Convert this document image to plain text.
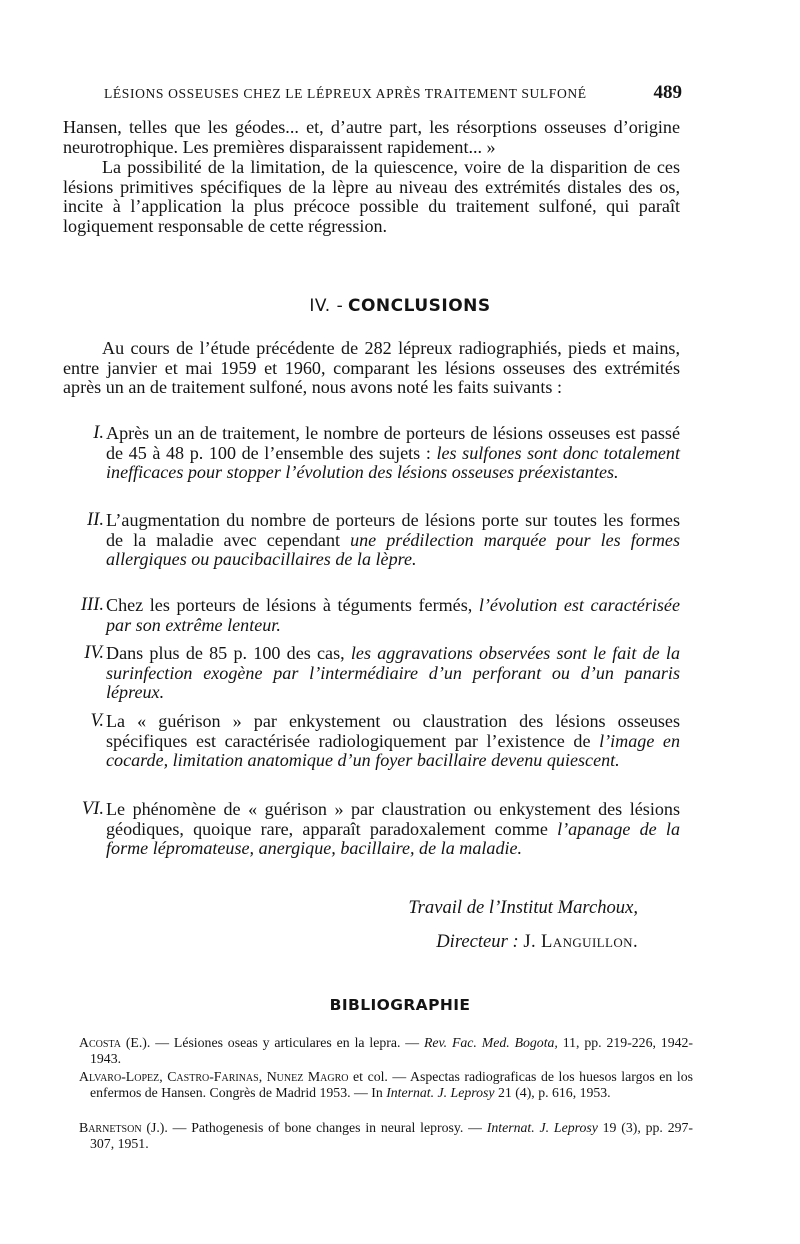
LÉSIONS OSSEUSES CHEZ LE LÉPREUX APRÈS TRAITEMENT SULFONÉ	489

Hansen, telles que les géodes... et, d’autre part, les résorptions osseuses d’origine neurotrophique. Les premières disparaissent rapidement... »

La possibilité de la limitation, de la quiescence, voire de la disparition de ces lésions primitives spécifiques de la lèpre au niveau des extrémités distales des os, incite à l’application la plus précoce possible du traitement sulfoné, qui paraît logiquement responsable de cette régression.

IV. - CONCLUSIONS

Au cours de l’étude précédente de 282 lépreux radiographiés, pieds et mains, entre janvier et mai 1959 et 1960, comparant les lésions osseuses des extrémités après un an de traitement sulfoné, nous avons noté les faits suivants :

I. Après un an de traitement, le nombre de porteurs de lésions osseuses est passé de 45 à 48 p. 100 de l’ensemble des sujets : les sulfones sont donc totalement inefficaces pour stopper l’évolution des lésions osseuses préexistantes.
II. L’augmentation du nombre de porteurs de lésions porte sur toutes les formes de la maladie avec cependant une prédilection marquée pour les formes allergiques ou paucibacillaires de la lèpre.
III. Chez les porteurs de lésions à téguments fermés, l’évolution est caractérisée par son extrême lenteur.
IV. Dans plus de 85 p. 100 des cas, les aggravations observées sont le fait de la surinfection exogène par l’intermédiaire d’un perforant ou d’un panaris lépreux.
V. La « guérison » par enkystement ou claustration des lésions osseuses spécifiques est caractérisée radiologiquement par l’existence de l’image en cocarde, limitation anatomique d’un foyer bacillaire devenu quiescent.
VI. Le phénomène de « guérison » par claustration ou enkystement des lésions géodiques, quoique rare, apparaît paradoxalement comme l’apanage de la forme lépromateuse, anergique, bacillaire, de la maladie.
Travail de l’Institut Marchoux,
Directeur : J. Languillon.
BIBLIOGRAPHIE
Acosta (E.). — Lésiones oseas y articulares en la lepra. — Rev. Fac. Med. Bogota, 11, pp. 219-226, 1942-1943.
Alvaro-Lopez, Castro-Farinas, Nunez Magro et col. — Aspectas radiograficas de los huesos largos en los enfermos de Hansen. Congrès de Madrid 1953. — In Internat. J. Leprosy 21 (4), p. 616, 1953.
Barnetson (J.). — Pathogenesis of bone changes in neural leprosy. — Internat. J. Leprosy 19 (3), pp. 297-307, 1951.
